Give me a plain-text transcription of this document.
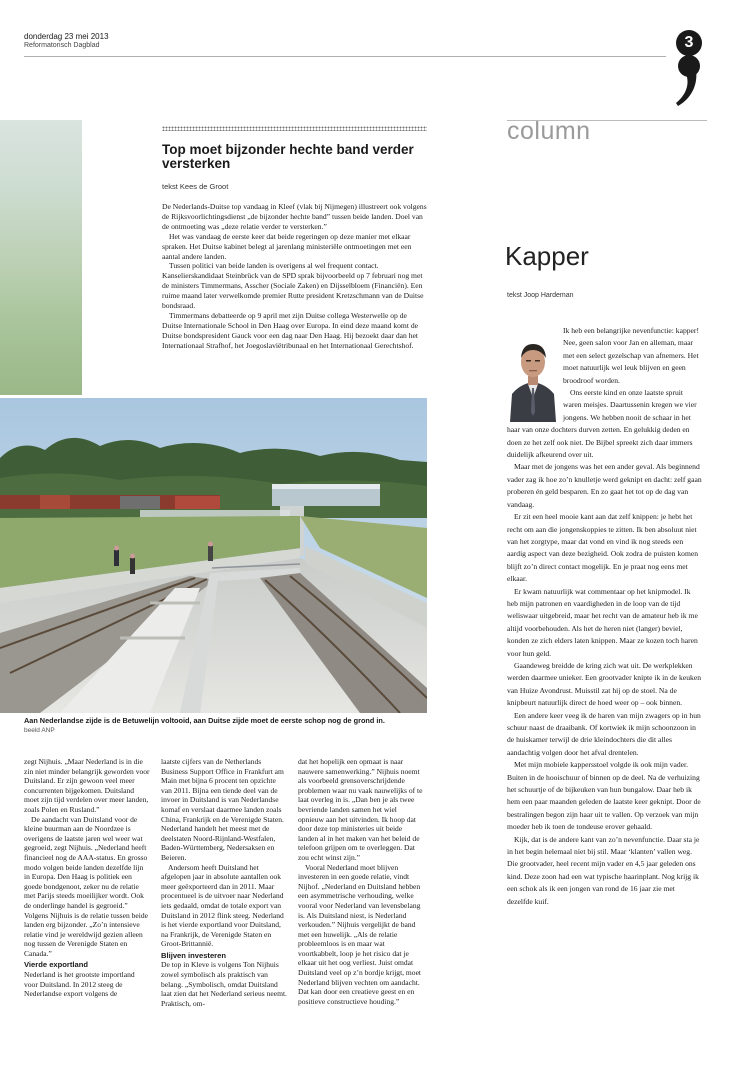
donderdag 23 mei 2013
Reformatorisch Dagblad	3
Top moet bijzonder hechte band verder versterken
tekst Kees de Groot

De Nederlands-Duitse top vandaag in Kleef (vlak bij Nijmegen) illustreert ook volgens de Rijksvoorlichtingsdienst „de bijzonder hechte band” tussen beide landen. Doel van de ontmoeting was „deze relatie verder te versterken.”

Het was vandaag de eerste keer dat beide regeringen op deze manier met elkaar spraken. Het Duitse kabinet belegt al jarenlang ministeriële ontmoetingen met een aantal andere landen.

Tussen politici van beide landen is overigens al wel frequent contact. Kanselierskandidaat Steinbrück van de SPD sprak bijvoorbeeld op 7 februari nog met de ministers Timmermans, Asscher (Sociale Zaken) en Dijsselbloem (Financiën). Een ruime maand later verwelkomde premier Rutte president Kretzschmann van de Duitse bondsraad.

Timmermans debatteerde op 9 april met zijn Duitse collega Westerwelle op de Duitse Internationale School in Den Haag over Europa. In eind deze maand komt de Duitse bondspresident Gauck voor een dag naar Den Haag. Hij bezoekt daar dan het Internationaal Strafhof, het Joegoslaviëtribunaal en het Internationaal Gerechtshof.

Aan Nederlandse zijde is de Betuwelijn voltooid, aan Duitse zijde moet de eerste schop nog de grond in.
beeld ANP

zegt Nijhuis. „Maar Nederland is in die zin niet minder belangrijk geworden voor Duitsland. Er zijn gewoon veel meer concurrenten bijgekomen. Duitsland moet zijn tijd verdelen over meer landen, zoals Polen en Rusland.”

De aandacht van Duitsland voor de kleine buurman aan de Noordzee is overigens de laatste jaren wel weer wat gegroeid, zegt Nijhuis. „Nederland heeft financieel nog de AAA-status. En grosso modo volgen beide landen dezelfde lijn in Europa. Den Haag is politiek een goede bondgenoot, zeker nu de relatie met Parijs steeds moeilijker wordt. Ook de onderlinge handel is gegroeid.” Volgens Nijhuis is de relatie tussen beide landen erg bijzonder. „Zo’n intensieve relatie vind je wereldwijd gezien alleen nog tussen de Verenigde Staten en Canada.”

Vierde exportland

Nederland is het grootste importland voor Duitsland. In 2012 steeg de Nederlandse export volgens de

laatste cijfers van de Netherlands Business Support Office in Frankfurt am Main met bijna 6 procent ten opzichte van 2011. Bijna een tiende deel van de invoer in Duitsland is van Nederlandse komaf en verslaat daarmee landen zoals China, Frankrijk en de Verenigde Staten. Nederland handelt het meest met de deelstaten Noord-Rijnland-Westfalen, Baden-Württemberg, Nedersaksen en Beieren.

Andersom heeft Duitsland het afgelopen jaar in absolute aantallen ook meer geëxporteerd dan in 2011. Maar procentueel is de uitvoer naar Nederland iets gedaald, omdat de totale export van Duitsland in 2012 flink steeg. Nederland is het vierde exportland voor Duitsland, na Frankrijk, de Verenigde Staten en Groot-Brittannië.

Blijven investeren

De top in Kleve is volgens Ton Nijhuis zowel symbolisch als praktisch van belang. „Symbolisch, omdat Duitsland laat zien dat het Nederland serieus neemt. Praktisch, om-

dat het hopelijk een opmaat is naar nauwere samenwerking.” Nijhuis noemt als voorbeeld grensoverschrijdende problemen waar nu vaak nauwelijks of te laat overleg in is. „Dan ben je als twee bevriende landen samen het wiel opnieuw aan het uitvinden. Ik hoop dat door deze top ministeries uit beide landen al in het maken van het beleid de telefoon grijpen om te overleggen. Dat zou echt winst zijn.”

Vooral Nederland moet blijven investeren in een goede relatie, vindt Nijhof. „Nederland en Duitsland hebben een asymmetrische verhouding, welke vooral voor Nederland van levensbelang is. Als Duitsland niest, is Nederland verkouden.” Nijhuis vergelijkt de band met een huwelijk. „Als de relatie probleemloos is en maar wat voortkabbelt, loop je het risico dat je elkaar uit het oog verliest. Juist omdat Duitsland veel op z’n bordje krijgt, moet Nederland blijven vechten om aandacht. Dat kan door een creatieve geest en en positieve constructieve houding.”

column
Kapper
tekst Joop Hardeman

Ik heb een belangrijke nevenfunctie: kapper! Nee, geen salon voor Jan en alleman, maar met een select gezelschap van afnemers. Het moet natuurlijk wel leuk blijven en geen broodroof worden.

Ons eerste kind en onze laatste spruit waren meisjes. Daartussenin kregen we vier jongens. We hebben nooit de schaar in het haar van onze dochters durven zetten. En gelukkig deden en doen ze het zelf ook niet. De Bijbel spreekt zich daar immers duidelijk afkeurend over uit.

Maar met de jongens was het een ander geval. Als beginnend vader zag ik hoe zo’n knulletje werd geknipt en dacht: zelf gaan proberen én geld besparen. En zo gaat het tot op de dag van vandaag.

Er zit een heel mooie kant aan dat zelf knippen: je hebt het recht om aan die jongenskoppies te zitten. Ik ben absoluut niet van het zorgtype, maar dat vond en vind ik nog steeds een aardig aspect van deze bezigheid. Ook zodra de puisten komen blijft zo’n direct contact mogelijk. En je praat nog eens met elkaar.

Er kwam natuurlijk wat commentaar op het knipmodel. Ik heb mijn patronen en vaardigheden in de loop van de tijd weliswaar uitgebreid, maar het recht van de amateur heb ik me altijd voorbehouden. Als het de heren niet (langer) beviel, konden ze zich elders laten knippen. Maar ze kozen toch haren voor hun geld.

Gaandeweg breidde de kring zich wat uit. De werkplekken werden daarmee unieker. Een grootvader knipte ik in de keuken van Huize Avondrust. Muisstil zat hij op de stoel. Na de knipbeurt natuurlijk direct de hoed weer op – ook binnen.

Een andere keer veeg ik de haren van mijn zwagers op in hun schuur naast de draaibank. Of kortwiek ik mijn schoonzoon in de huiskamer terwijl de drie kleindochters die dit alles aandachtig volgen door het afval drentelen.

Met mijn mobiele kappersstoel volgde ik ook mijn vader. Buiten in de hooischuur of binnen op de deel. Na de verhuizing het schuurtje of de bijkeuken van hun bungalow. Daar heb ik hem een paar maanden geleden de laatste keer geknipt. Door de bestralingen begon zijn haar uit te vallen. Op verzoek van mijn moeder heb ik toen de tondeuse erover gehaald.

Kijk, dat is de andere kant van zo’n nevenfunctie. Daar sta je in het begin helemaal niet bij stil. Maar ‘klanten’ vallen weg. Die grootvader, heel recent mijn vader en 4,5 jaar geleden ons kind. Deze zoon had een wat typische haarinplant. Nog krijg ik een schok als ik een jongen van rond de 16 jaar zie met dezelfde kuif.
